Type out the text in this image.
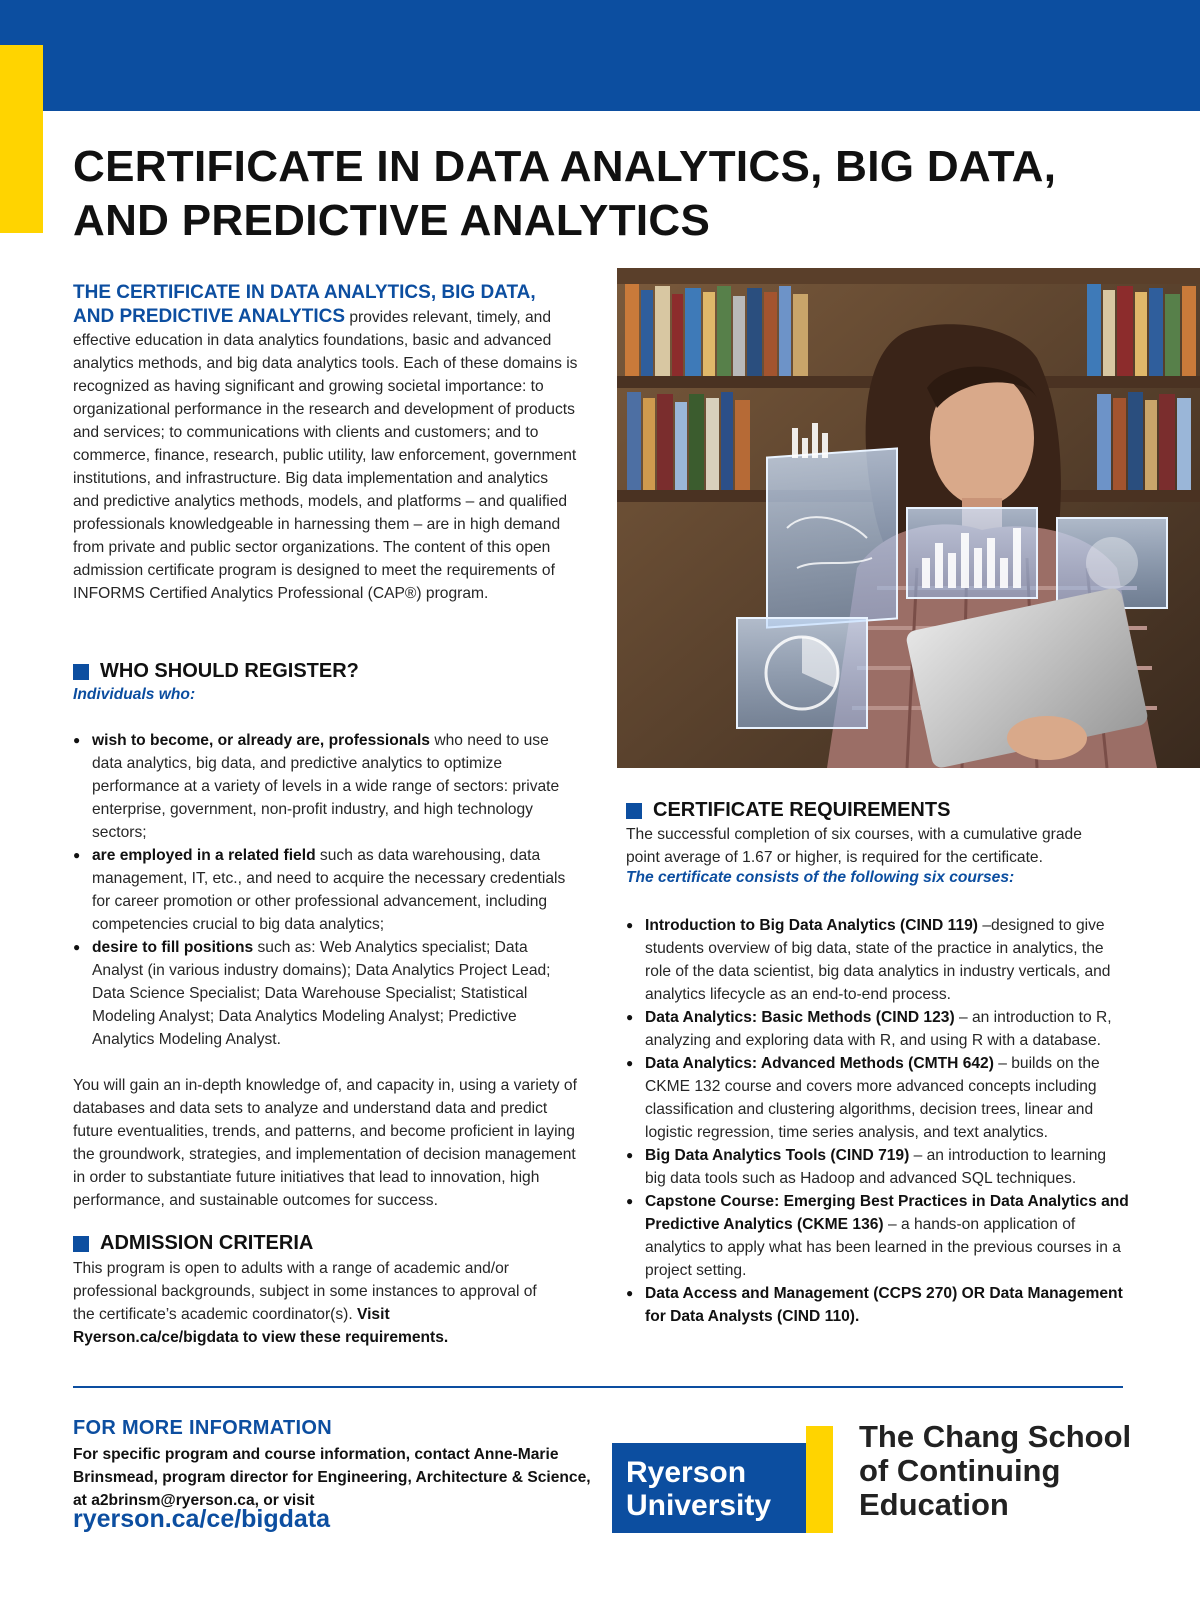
CERTIFICATE IN DATA ANALYTICS, BIG DATA,
AND PREDICTIVE ANALYTICS

THE CERTIFICATE IN DATA ANALYTICS, BIG DATA, AND PREDICTIVE ANALYTICS provides relevant, timely, and effective education in data analytics foundations, basic and advanced analytics methods, and big data analytics tools. Each of these domains is recognized as having significant and growing societal importance: to organizational performance in the research and development of products and services; to communications with clients and customers; and to commerce, finance, research, public utility, law enforcement, government institutions, and infrastructure. Big data implementation and analytics and predictive analytics methods, models, and platforms – and qualified professionals knowledgeable in harnessing them – are in high demand from private and public sector organizations. The content of this open admission certificate program is designed to meet the requirements of INFORMS Certified Analytics Professional (CAP®) program.

WHO SHOULD REGISTER?
Individuals who:
● wish to become, or already are, professionals who need to use data analytics, big data, and predictive analytics to optimize performance at a variety of levels in a wide range of sectors: private enterprise, government, non-profit industry, and high technology sectors;
● are employed in a related field such as data warehousing, data management, IT, etc., and need to acquire the necessary credentials for career promotion or other professional advancement, including competencies crucial to big data analytics;
● desire to fill positions such as: Web Analytics specialist; Data Analyst (in various industry domains); Data Analytics Project Lead; Data Science Specialist; Data Warehouse Specialist; Statistical Modeling Analyst; Data Analytics Modeling Analyst; Predictive Analytics Modeling Analyst.

You will gain an in-depth knowledge of, and capacity in, using a variety of databases and data sets to analyze and understand data and predict future eventualities, trends, and patterns, and become proficient in laying the groundwork, strategies, and implementation of decision management in order to substantiate future initiatives that lead to innovation, high performance, and sustainable outcomes for success.

ADMISSION CRITERIA

This program is open to adults with a range of academic and/or professional backgrounds, subject in some instances to approval of the certificate’s academic coordinator(s). Visit Ryerson.ca/ce/bigdata to view these requirements.

CERTIFICATE REQUIREMENTS

The successful completion of six courses, with a cumulative grade point average of 1.67 or higher, is required for the certificate.

The certificate consists of the following six courses:
● Introduction to Big Data Analytics (CIND 119) –designed to give students overview of big data, state of the practice in analytics, the role of the data scientist, big data analytics in industry verticals, and analytics lifecycle as an end-to-end process.
● Data Analytics: Basic Methods (CIND 123) – an introduction to R, analyzing and exploring data with R, and using R with a database.
● Data Analytics: Advanced Methods (CMTH 642) – builds on the CKME 132 course and covers more advanced concepts including classification and clustering algorithms, decision trees, linear and logistic regression, time series analysis, and text analytics.
● Big Data Analytics Tools (CIND 719) – an introduction to learning big data tools such as Hadoop and advanced SQL techniques.
● Capstone Course: Emerging Best Practices in Data Analytics and Predictive Analytics (CKME 136) – a hands-on application of analytics to apply what has been learned in the previous courses in a project setting.
● Data Access and Management (CCPS 270) OR Data Management for Data Analysts (CIND 110).
FOR MORE INFORMATION

For specific program and course information, contact Anne-Marie Brinsmead, program director for Engineering, Architecture & Science, at a2brinsm@ryerson.ca, or visit

ryerson.ca/ce/bigdata
Ryerson
University
The Chang School
of Continuing
Education
